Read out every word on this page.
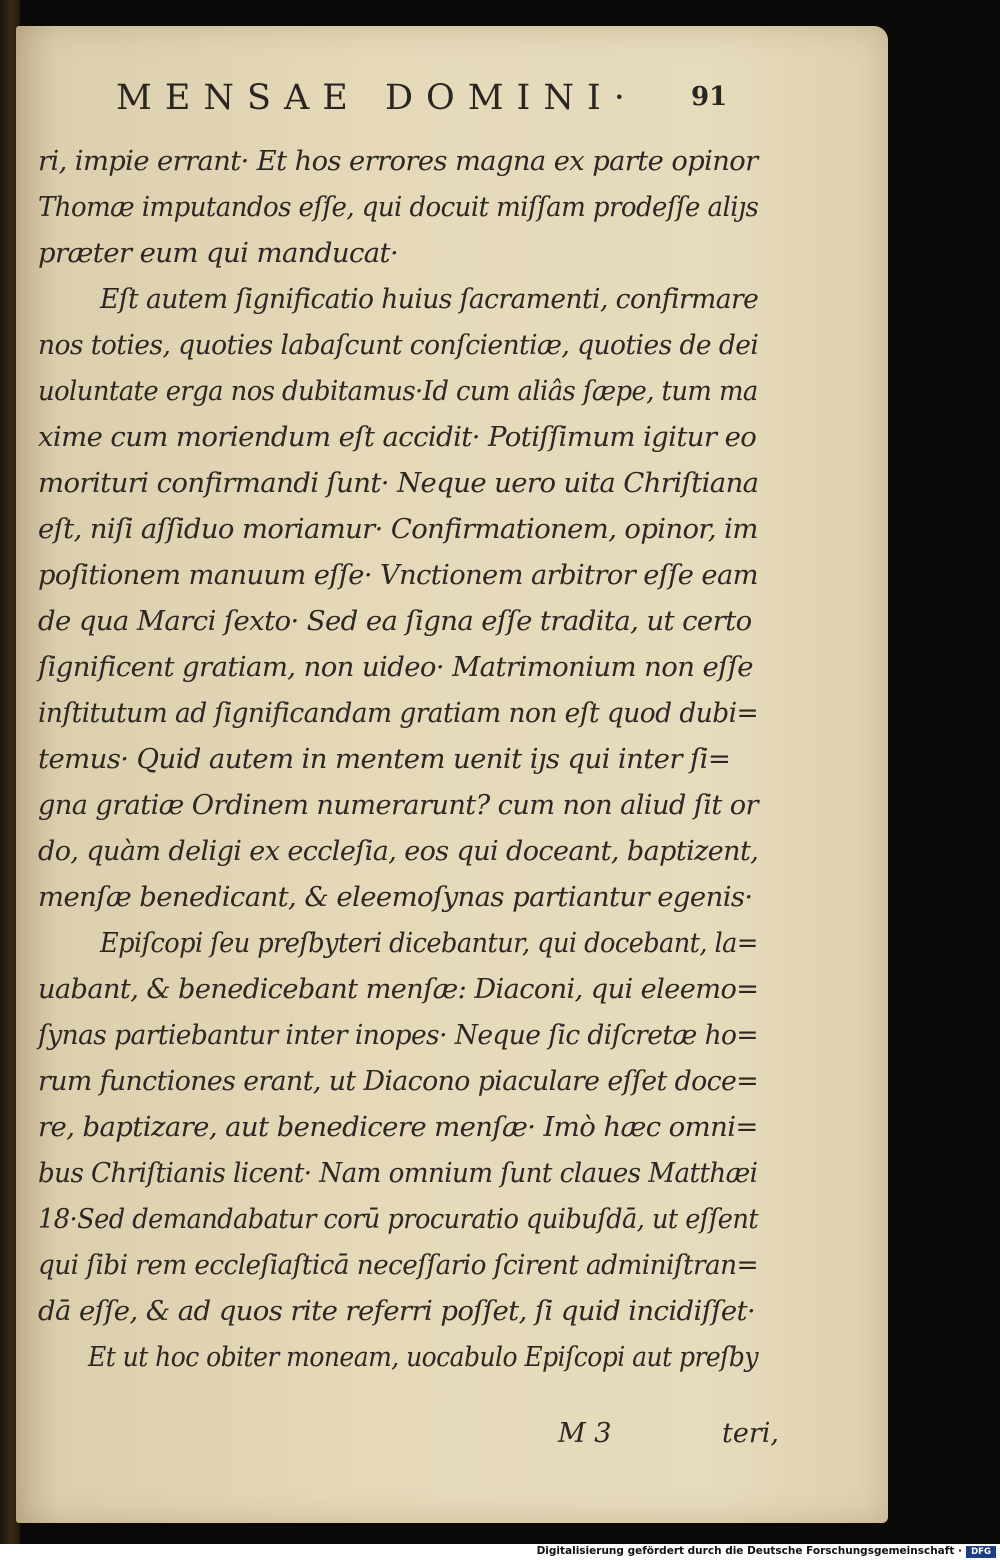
MENSAE DOMINI· 91
ri, impie errant· Et hos errores magna ex parte opinor
Thomæ imputandos eſſe, qui docuit miſſam prodeſſe aliȷs
præter eum qui manducat·
Eſt autem ſignificatio huius ſacramenti, confirmare
nos toties, quoties labaſcunt conſcientiæ, quoties de dei
uoluntate erga nos dubitamus·Id cum aliâs ſæpe, tum ma
xime cum moriendum eſt accidit· Potiſſimum igitur eo
morituri confirmandi ſunt· Neque uero uita Chriſtiana
eſt, niſi aſſiduo moriamur· Confirmationem, opinor, im
poſitionem manuum eſſe· Vnctionem arbitror eſſe eam
de qua Marci ſexto· Sed ea ſigna eſſe tradita, ut certo
ſignificent gratiam, non uideo· Matrimonium non eſſe
inſtitutum ad ſignificandam gratiam non eſt quod dubi=
temus· Quid autem in mentem uenit iȷs qui inter ſi=
gna gratiæ Ordinem numerarunt? cum non aliud ſit or
do, quàm deligi ex eccleſia, eos qui doceant, baptizent,
menſæ benedicant, & eleemoſynas partiantur egenis·
Epiſcopi ſeu preſbyteri dicebantur, qui docebant, la=
uabant, & benedicebant menſæ: Diaconi, qui eleemo=
ſynas partiebantur inter inopes· Neque ſic diſcretæ ho=
rum functiones erant, ut Diacono piaculare eſſet doce=
re, baptizare, aut benedicere menſæ· Imò hæc omni=
bus Chriſtianis licent· Nam omnium ſunt claues Matthæi
18·Sed demandabatur corū procuratio quibuſdā, ut eſſent
qui ſibi rem eccleſiaſticā neceſſario ſcirent adminiſtran=
dā eſſe, & ad quos rite referri poſſet, ſi quid incidiſſet·
Et ut hoc obiter moneam, uocabulo Epiſcopi aut preſby
M 3	teri,
Digitalisierung gefördert durch die Deutsche Forschungsgemeinschaft ·	DFG
